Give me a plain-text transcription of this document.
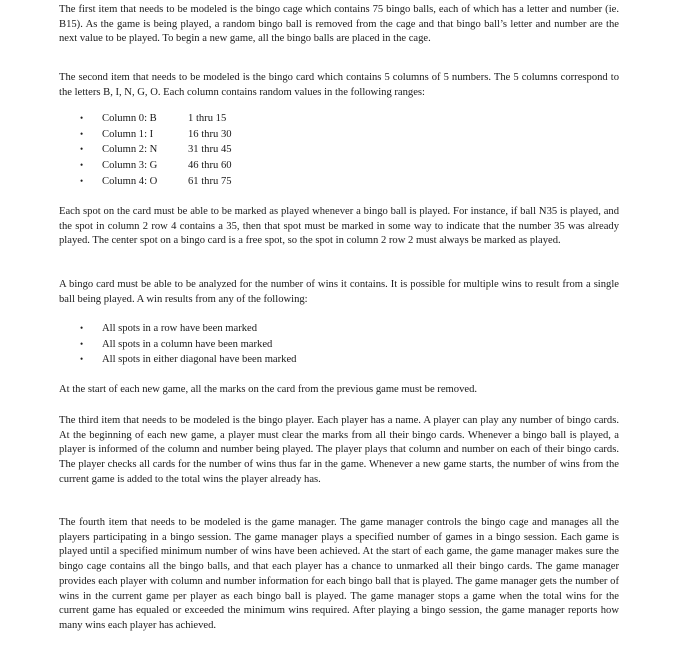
The first item that needs to be modeled is the bingo cage which contains 75 bingo balls, each of which has a letter and number (ie. B15). As the game is being played, a random bingo ball is removed from the cage and that bingo ball’s letter and number are the next value to be played. To begin a new game, all the bingo balls are placed in the cage.

The second item that needs to be modeled is the bingo card which contains 5 columns of 5 numbers. The 5 columns correspond to the letters B, I, N, G, O. Each column contains random values in the following ranges:

• Column 0: B	1 thru 15
• Column 1: I	16 thru 30
• Column 2: N	31 thru 45
• Column 3: G	46 thru 60
• Column 4: O	61 thru 75

Each spot on the card must be able to be marked as played whenever a bingo ball is played. For instance, if ball N35 is played, and the spot in column 2 row 4 contains a 35, then that spot must be marked in some way to indicate that the number 35 was already played. The center spot on a bingo card is a free spot, so the spot in column 2 row 2 must always be marked as played.

A bingo card must be able to be analyzed for the number of wins it contains. It is possible for multiple wins to result from a single ball being played. A win results from any of the following:

• All spots in a row have been marked
• All spots in a column have been marked
• All spots in either diagonal have been marked

At the start of each new game, all the marks on the card from the previous game must be removed.

The third item that needs to be modeled is the bingo player. Each player has a name. A player can play any number of bingo cards. At the beginning of each new game, a player must clear the marks from all their bingo cards. Whenever a bingo ball is played, a player is informed of the column and number being played. The player plays that column and number on each of their bingo cards. The player checks all cards for the number of wins thus far in the game. Whenever a new game starts, the number of wins from the current game is added to the total wins the player already has.

The fourth item that needs to be modeled is the game manager. The game manager controls the bingo cage and manages all the players participating in a bingo session. The game manager plays a specified number of games in a bingo session. Each game is played until a specified minimum number of wins have been achieved. At the start of each game, the game manager makes sure the bingo cage contains all the bingo balls, and that each player has a chance to unmarked all their bingo cards. The game manager provides each player with column and number information for each bingo ball that is played. The game manager gets the number of wins in the current game per player as each bingo ball is played. The game manager stops a game when the total wins for the current game has equaled or exceeded the minimum wins required. After playing a bingo session, the game manager reports how many wins each player has achieved.
